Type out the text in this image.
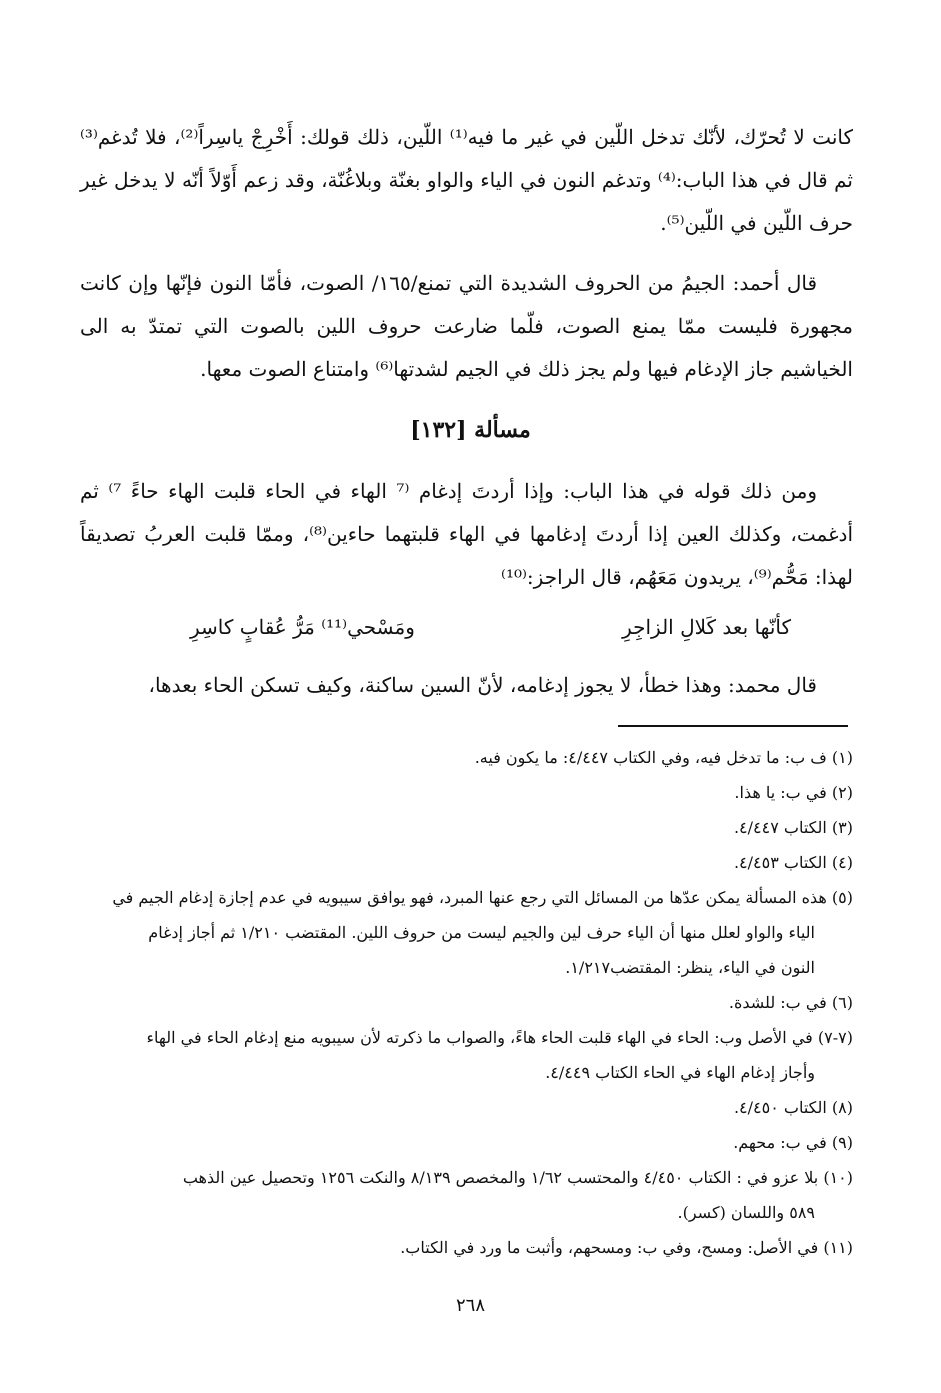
كانت لا تُحرّك، لأنّك تدخل اللّين في غير ما فيه⁽¹⁾ اللّين، ذلك قولك: أَخْرِجْ ياسِراً⁽²⁾، فلا تُدغم⁽³⁾ ثم قال في هذا الباب:⁽⁴⁾ وتدغم النون في الياء والواو بغنّة وبلاغُنّة، وقد زعم أَوّلاً أنّه لا يدخل غير حرف اللّين في اللّين⁽⁵⁾.
قال أحمد: الجيمُ من الحروف الشديدة التي تمنع/١٦٥/ الصوت، فأمّا النون فإنّها وإن كانت مجهورة فليست ممّا يمنع الصوت، فلّما ضارعت حروف اللين بالصوت التي تمتدّ به الى الخياشيم جاز الإدغام فيها ولم يجز ذلك في الجيم لشدتها⁽⁶⁾ وامتناع الصوت معها.
مسألة [١٣٢]
ومن ذلك قوله في هذا الباب: وإذا أردتَ إدغام ⁽⁷ الهاء في الحاء قلبت الهاء حاءً ⁷⁾ ثم أدغمت، وكذلك العين إذا أردتَ إدغامها في الهاء قلبتهما حاءين⁽⁸⁾، وممّا قلبت العربُ تصديقاً لهذا: مَحُّم⁽⁹⁾، يريدون مَعَهُم، قال الراجز:⁽¹⁰⁾
كأنّها بعد كَلالِ الزاجِرِ
ومَسْحي⁽¹¹⁾ مَرُّ عُقابٍ كاسِرِ
قال محمد: وهذا خطأ، لا يجوز إدغامه، لأنّ السين ساكنة، وكيف تسكن الحاء بعدها،
(١) ف ب: ما تدخل فيه، وفي الكتاب ٤/٤٤٧: ما يكون فيه.
(٢) في ب: يا هذا.
(٣) الكتاب ٤/٤٤٧.
(٤) الكتاب ٤/٤٥٣.
(٥) هذه المسألة يمكن عدّها من المسائل التي رجع عنها المبرد، فهو يوافق سيبويه في عدم إجازة إدغام الجيم في
الياء والواو لعلل منها أن الياء حرف لين والجيم ليست من حروف اللين. المقتضب ١/٢١٠ ثم أجاز إدغام
النون في الياء، ينظر: المقتضب١/٢١٧.
(٦) في ب: للشدة.
(٧-٧) في الأصل وب: الحاء في الهاء قلبت الحاء هاءً، والصواب ما ذكرته لأن سيبويه منع إدغام الحاء في الهاء
وأجاز إدغام الهاء في الحاء الكتاب ٤/٤٤٩.
(٨) الكتاب ٤/٤٥٠.
(٩) في ب: محهم.
(١٠) بلا عزو في : الكتاب ٤/٤٥٠ والمحتسب ١/٦٢ والمخصص ٨/١٣٩ والنكت ١٢٥٦ وتحصيل عين الذهب
٥٨٩ واللسان (كسر).
(١١) في الأصل: ومسح، وفي ب: ومسحهم، وأثبت ما ورد في الكتاب.
٢٦٨
